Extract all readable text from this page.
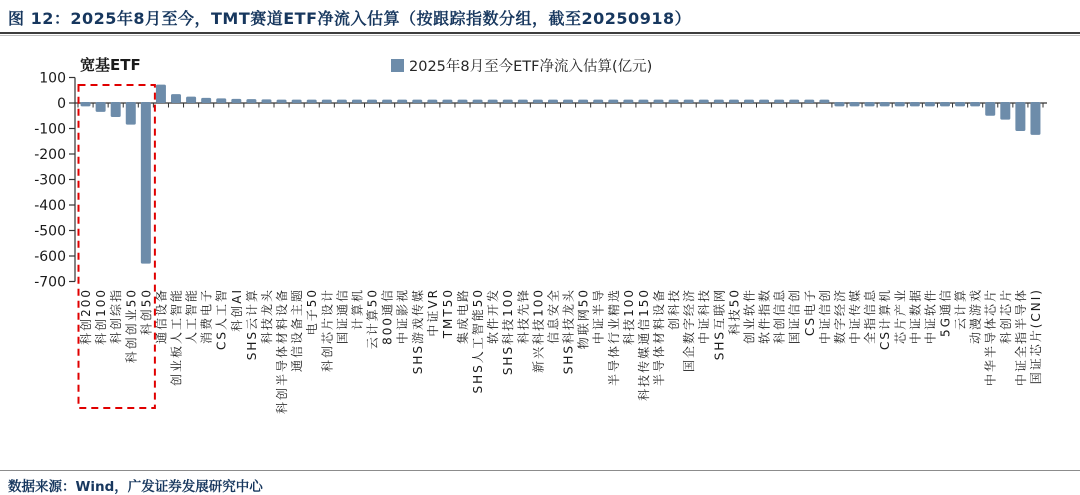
图 12：2025年8月至今，TMT赛道ETF净流入估算（按跟踪指数分组，截至20250918）
100
0
-100
-200
-300
-400
-500
-600
-700
科创200 科创100 科创综指 科创创业50 科创50 通信设备 创业板人工智能 人工智能 消费电子 CS人工智 科创AI SHS云计算 科技龙头 科创半导体材料设备 通信设备主题 电子50 科创芯片设计 国证通信 计算机 云计算50 800通信 中证影视 SHS游戏传媒 中证VR TMT50 集成电路 SHS人工智能50 软件开发 SHS科技100 科技先锋 新兴科技100 信息安全 SHS科技龙头 物联网50 中证半导 半导体行业精选 科技100 科技传媒通信150 半导体材料设备 创科技 国企数字经济 中证科技 SHS互联网 科技50 创业软件 软件指数 科创信息 国证信创 CS电子 中证信创 数字经济 中证传媒 全指信息 CS计算机 芯片产业 中证数据 中证软件 5G通信 云计算 动漫游戏 中华半导体芯片 科创芯片 中证全指半导体 国证芯片(CNI)
宽基ETF	2025年8月至今ETF净流入估算(亿元)
数据来源：Wind，广发证券发展研究中心
